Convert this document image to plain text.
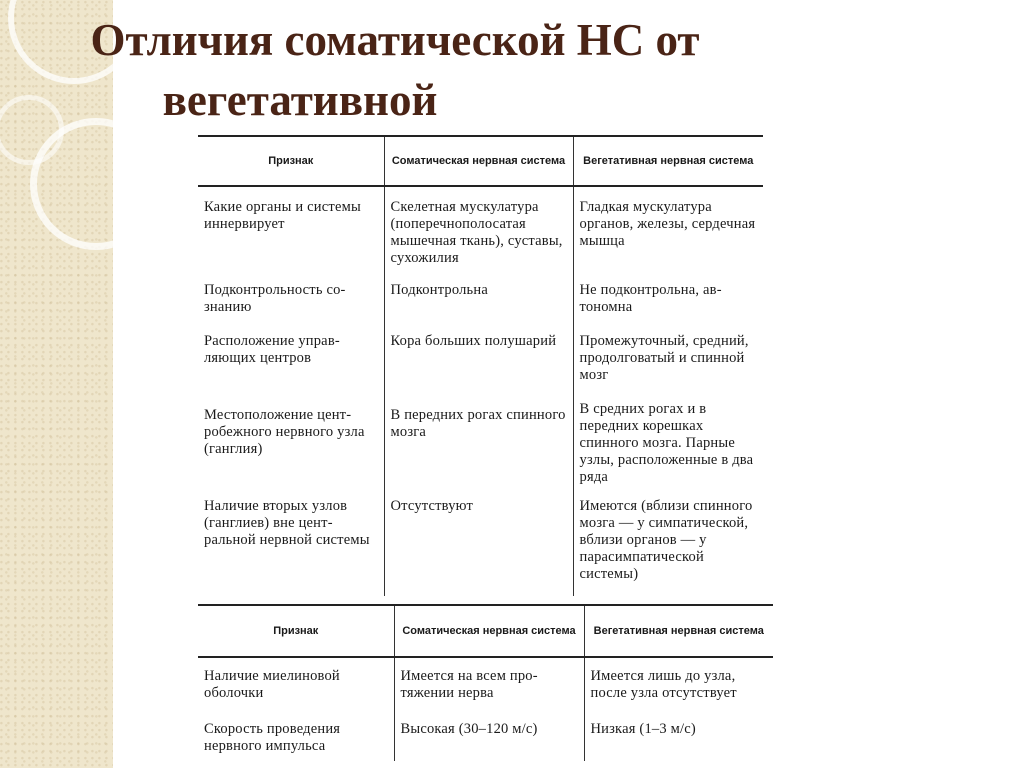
Отличия соматической НС от
вегетативной
Признак	Соматическая нервная система	Вегетативная нервная система
Какие органы и системы иннервирует	Скелетная мускулатура (поперечнополосатая мышечная ткань), суставы, сухожилия	Гладкая мускулатура органов, железы, сердечная мышца
Подконтрольность сознанию	Подконтрольна	Не подконтрольна, автономна
Расположение управляющих центров	Кора больших полушарий	Промежуточный, средний, продолговатый и спинной мозг
Местоположение центробежного нервного узла (ганглия)	В передних рогах спинного мозга	В средних рогах и в передних корешках спинного мозга. Парные узлы, расположенные в два ряда
Наличие вторых узлов (ганглиев) вне центральной нервной системы	Отсутствуют	Имеются (вблизи спинного мозга — у симпатической, вблизи органов — у парасимпатической системы)
Признак	Соматическая нервная система	Вегетативная нервная система
Наличие миелиновой оболочки	Имеется на всем протяжении нерва	Имеется лишь до узла, после узла отсутствует
Скорость проведения нервного импульса	Высокая (30–120 м/с)	Низкая (1–3 м/с)
